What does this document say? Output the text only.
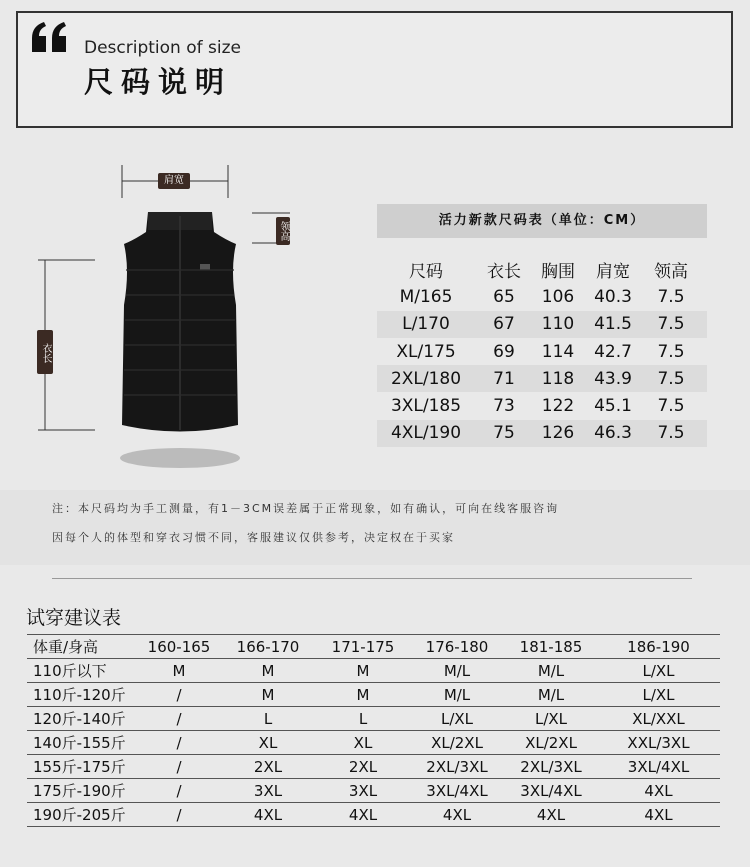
Description of size
尺码说明
肩宽
领高
衣长
活力新款尺码表（单位：CM）
尺码	衣长	胸围	肩宽	领高
M/165	65	106	40.3	7.5
L/170	67	110	41.5	7.5
XL/175	69	114	42.7	7.5
2XL/180	71	118	43.9	7.5
3XL/185	73	122	45.1	7.5
4XL/190	75	126	46.3	7.5
注：本尺码均为手工测量，有1－3CM误差属于正常现象，如有确认，可向在线客服咨询
因每个人的体型和穿衣习惯不同，客服建议仅供参考，决定权在于买家
试穿建议表
体重/身高	160-165	166-170	171-175	176-180	181-185	186-190
110斤以下	M	M	M	M/L	M/L	L/XL
110斤-120斤	/	M	M	M/L	M/L	L/XL
120斤-140斤	/	L	L	L/XL	L/XL	XL/XXL
140斤-155斤	/	XL	XL	XL/2XL	XL/2XL	XXL/3XL
155斤-175斤	/	2XL	2XL	2XL/3XL	2XL/3XL	3XL/4XL
175斤-190斤	/	3XL	3XL	3XL/4XL	3XL/4XL	4XL
190斤-205斤	/	4XL	4XL	4XL	4XL	4XL
